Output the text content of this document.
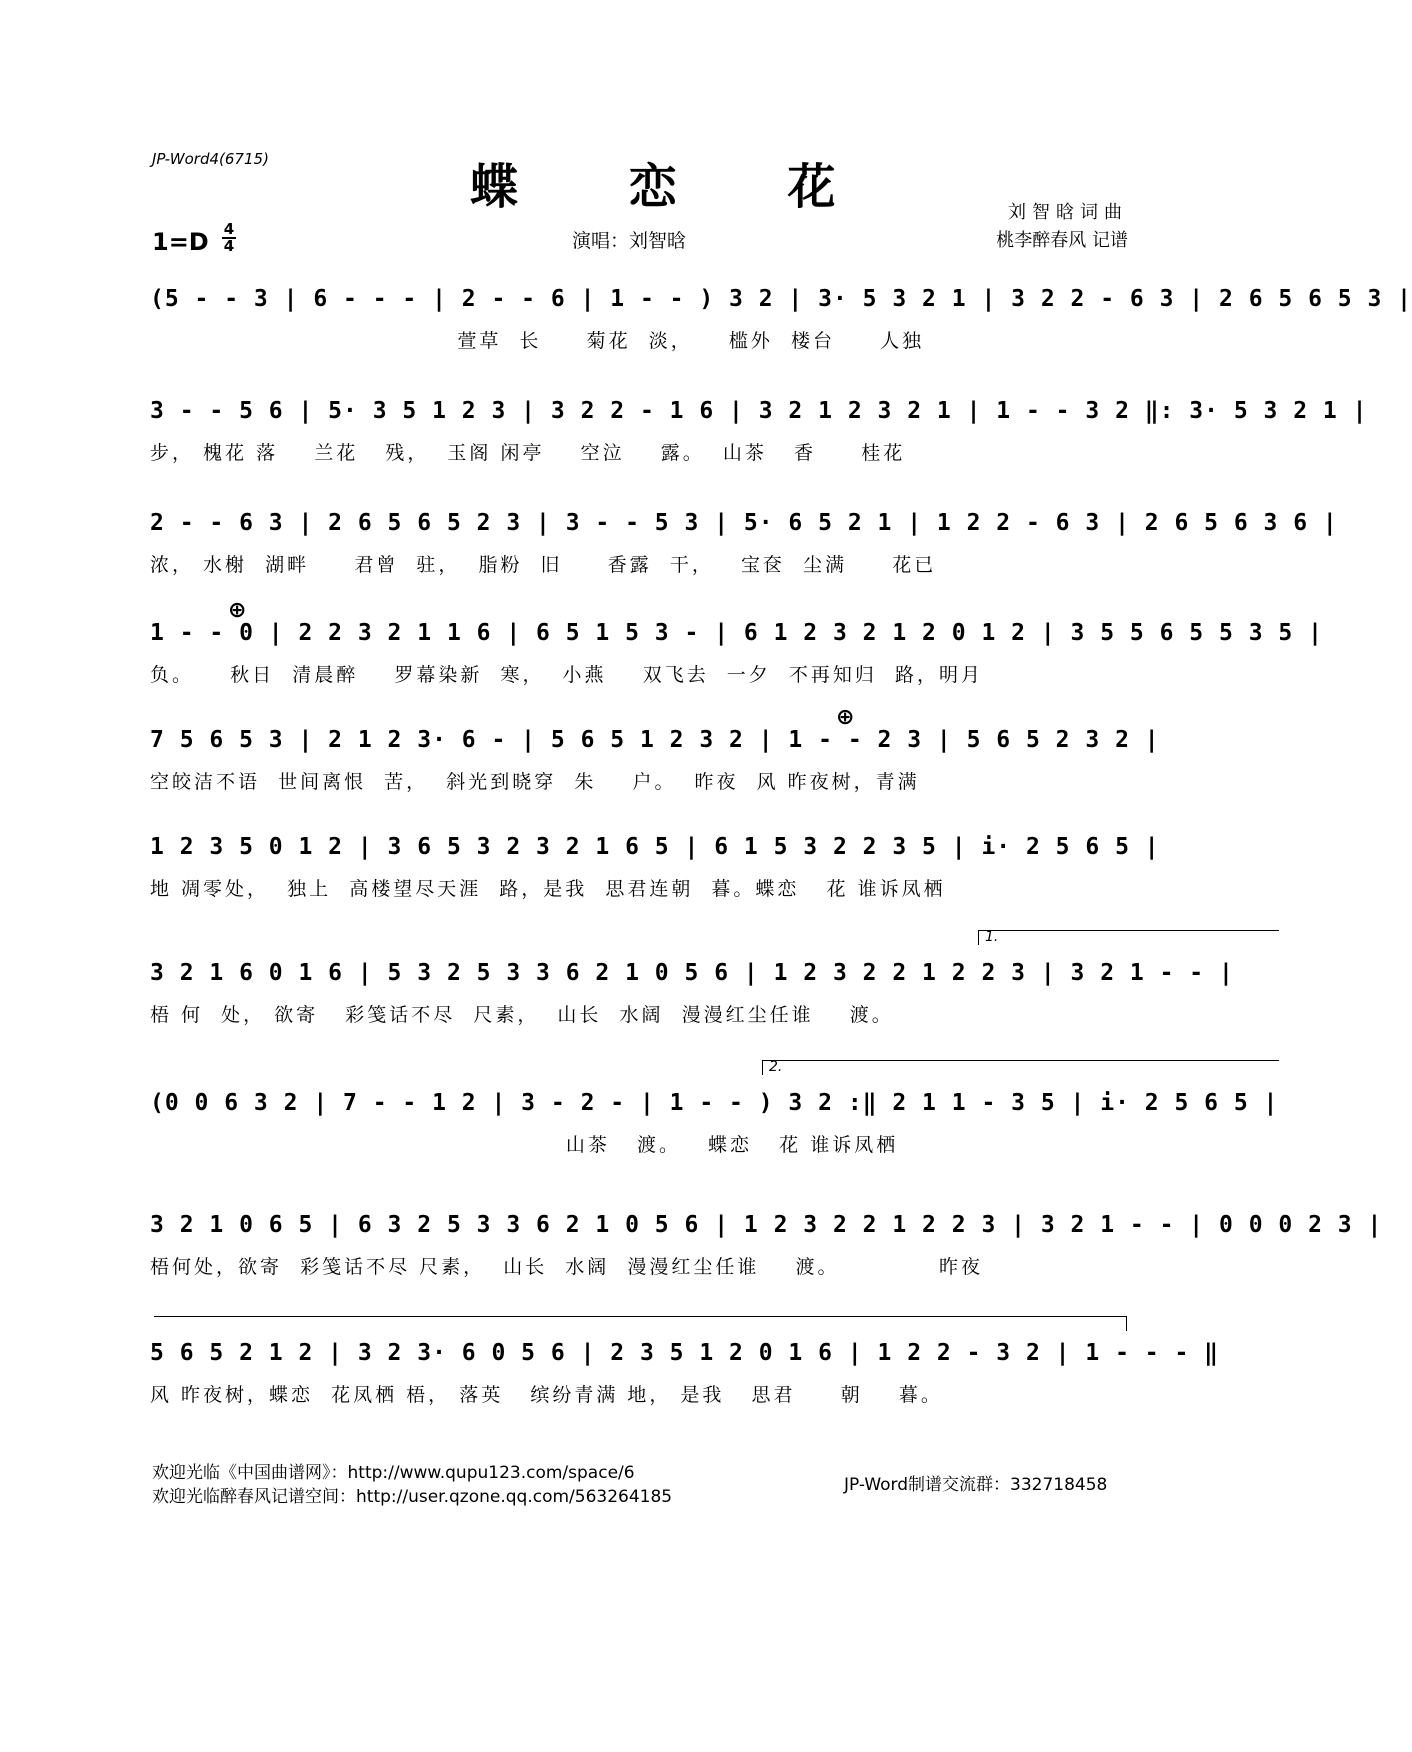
JP-Word4(6715)	蝶 恋 花
1=D 4
4	演唱：刘智晗
刘智晗词曲
桃李醉春风 记谱
(5 - - 3 | 6 - - - | 2 - - 6 | 1 - - ) 3 2 | 3· 5 3 2 1 | 3 2 2 - 6 3 | 2 6 5 6 5 3 |
萱草  长     菊花  淡，    槛外  楼台     人独
3 - - 5 6 | 5· 3 5 1 2 3 | 3 2 2 - 1 6 | 3 2 1 2 3 2 1 | 1 - - 3 2 ‖: 3· 5 3 2 1 |
步， 槐花 落    兰花   残，  玉阁 闲亭    空泣    露。  山茶   香     桂花
2 - - 6 3 | 2 6 5 6 5 2 3 | 3 - - 5 3 | 5· 6 5 2 1 | 1 2 2 - 6 3 | 2 6 5 6 3 6 |
浓， 水榭  湖畔     君曾  驻，  脂粉  旧     香露  干，   宝奁  尘满     花已
⊕
1 - - 0 | 2 2 3 2 1 1 6 | 6 5 1 5 3 - | 6 1 2 3 2 1 2 0 1 2 | 3 5 5 6 5 5 3 5 |
负。    秋日  清晨醉    罗幕染新  寒，  小燕    双飞去  一夕  不再知归  路，明月
⊕
7 5 6 5 3 | 2 1 2 3· 6 - | 5 6 5 1 2 3 2 | 1 - - 2 3 | 5 6 5 2 3 2 |
空皎洁不语  世间离恨  苦，  斜光到晓穿  朱    户。  昨夜  风 昨夜树，青满
1 2 3 5 0 1 2 | 3 6 5 3 2 3 2 1 6 5 | 6 1 5 3 2 2 3 5 | i· 2 5 6 5 |
地 凋零处，  独上  高楼望尽天涯  路，是我  思君连朝  暮。蝶恋   花 谁诉凤栖
1.
3 2 1 6 0 1 6 | 5 3 2 5 3 3 6 2 1 0 5 6 | 1 2 3 2 2 1 2 2 3 | 3 2 1 - - |
梧 何  处， 欲寄   彩笺话不尽  尺素，  山长  水阔  漫漫红尘任谁    渡。
2.
(0 0 6 3 2 | 7 - - 1 2 | 3 - 2 - | 1 - - ) 3 2 :‖ 2 1 1 - 3 5 | i· 2 5 6 5 |
山茶   渡。   蝶恋   花 谁诉凤栖
3 2 1 0 6 5 | 6 3 2 5 3 3 6 2 1 0 5 6 | 1 2 3 2 2 1 2 2 3 | 3 2 1 - - | 0 0 0 2 3 |
梧何处，欲寄  彩笺话不尽 尺素，  山长  水阔  漫漫红尘任谁    渡。           昨夜
5 6 5 2 1 2 | 3 2 3· 6 0 5 6 | 2 3 5 1 2 0 1 6 | 1 2 2 - 3 2 | 1 - - - ‖
风 昨夜树，蝶恋  花凤栖 梧， 落英   缤纷青满 地， 是我   思君     朝    暮。
欢迎光临《中国曲谱网》：http://www.qupu123.com/space/6
欢迎光临醉春风记谱空间：http://user.qzone.qq.com/563264185
JP-Word制谱交流群：332718458
